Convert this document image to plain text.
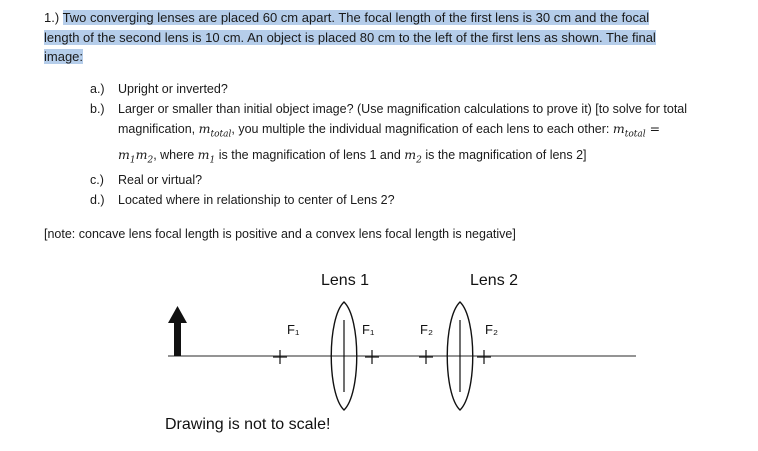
1.) Two converging lenses are placed 60 cm apart. The focal length of the first lens is 30 cm and the focal length of the second lens is 10 cm. An object is placed 80 cm to the left of the first lens as shown. The final image:
a.) Upright or inverted?
b.) Larger or smaller than initial object image? (Use magnification calculations to prove it) [to solve for total magnification, $m_{total}$, you multiple the individual magnification of each lens to each other: $m_{total} = m_1m_2$, where $m_1$ is the magnification of lens 1 and $m_2$ is the magnification of lens 2]
c.) Real or virtual?
d.) Located where in relationship to center of Lens 2?
[note: concave lens focal length is positive and a convex lens focal length is negative]
Lens 1	Lens 2
F₁	F₁	F₂	F₂
Drawing is not to scale!
